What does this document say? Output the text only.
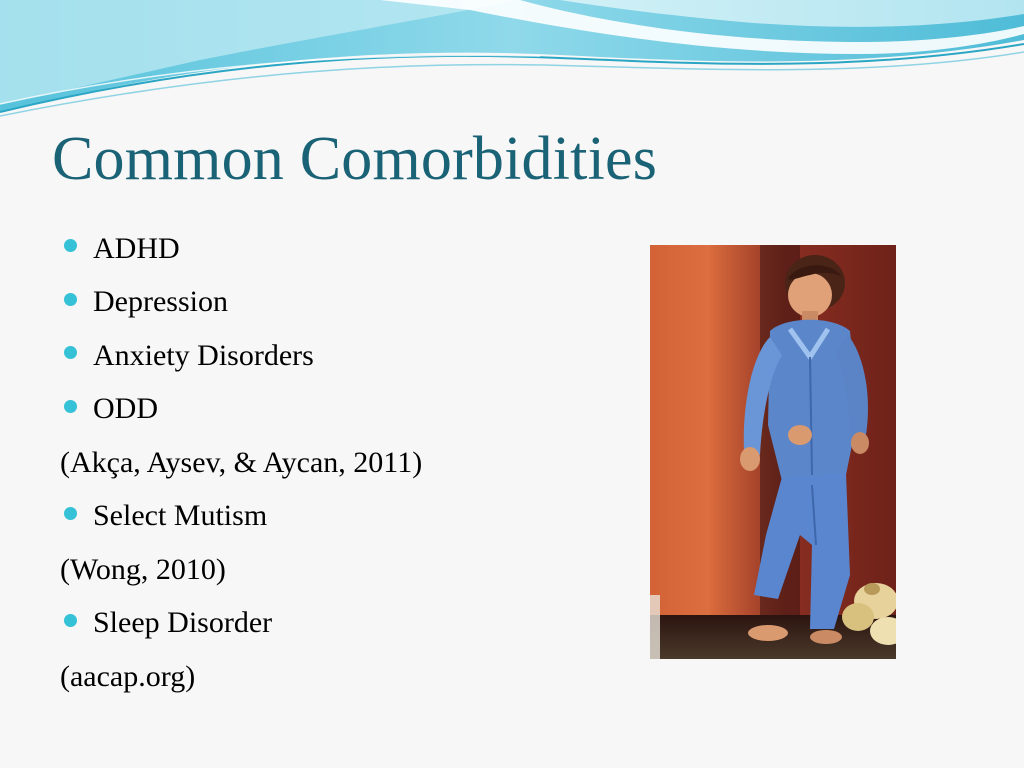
Common Comorbidities
ADHD
Depression
Anxiety Disorders
ODD
(Akça, Aysev, & Aycan, 2011)
Select Mutism
(Wong, 2010)
Sleep Disorder
(aacap.org)
